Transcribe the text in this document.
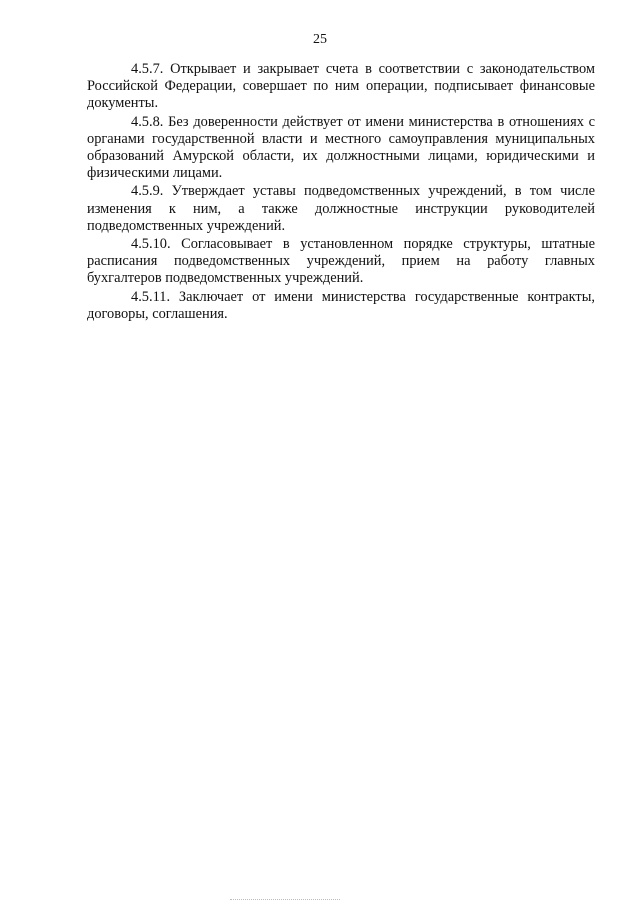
25

4.5.7. Открывает и закрывает счета в соответствии с законодательством Российской Федерации, совершает по ним операции, подписывает финансовые документы.

4.5.8. Без доверенности действует от имени министерства в отношениях с органами государственной власти и местного самоуправления муниципальных образований Амурской области, их должностными лицами, юридическими и физическими лицами.

4.5.9. Утверждает уставы подведомственных учреждений, в том числе изменения к ним, а также должностные инструкции руководителей подведомственных учреждений.

4.5.10. Согласовывает в установленном порядке структуры, штатные расписания подведомственных учреждений, прием на работу главных бухгалтеров подведомственных учреждений.

4.5.11. Заключает от имени министерства государственные контракты, договоры, соглашения.
